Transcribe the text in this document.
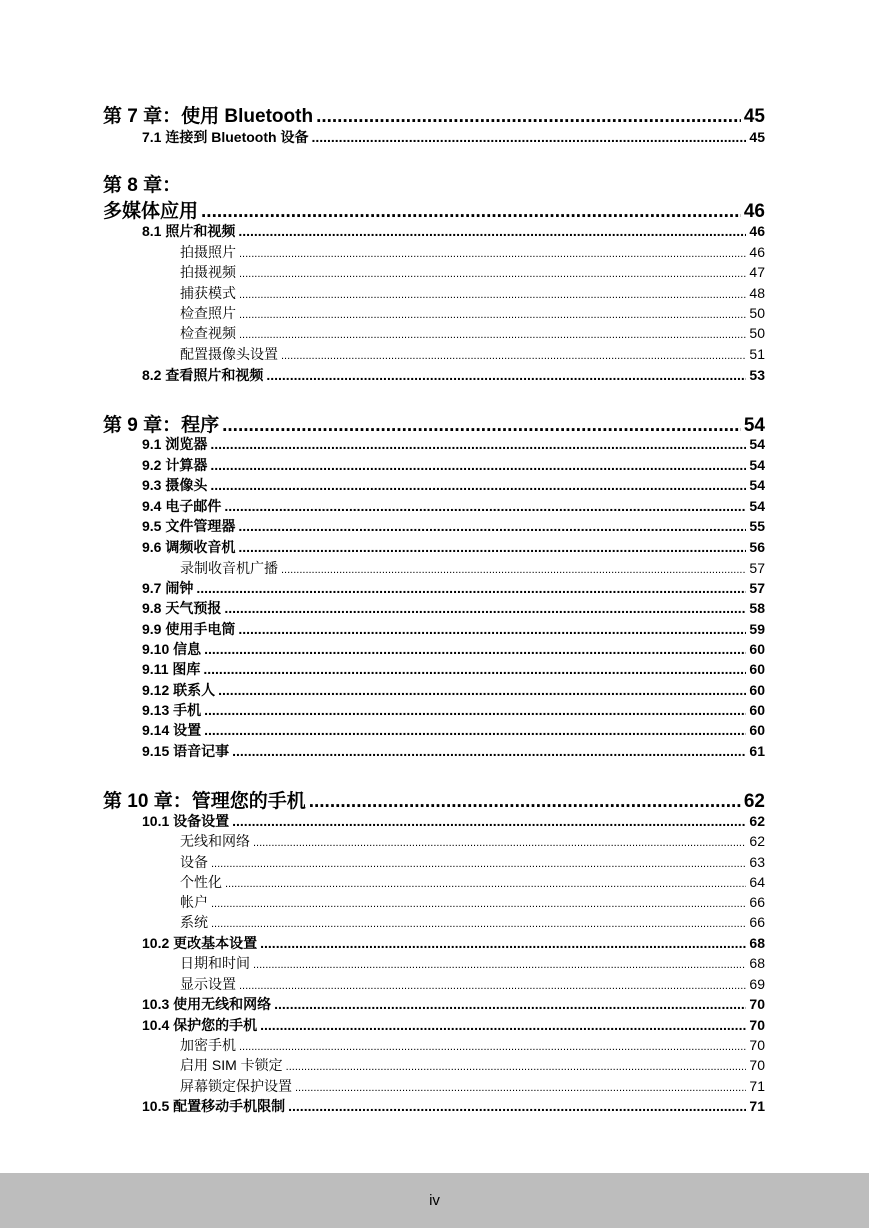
第 7 章：使用 Bluetooth .....	45
7.1 连接到 Bluetooth 设备 .....	45
第 8 章：
多媒体应用 .....	46
8.1 照片和视频 .....	46
拍摄照片 .....	46
拍摄视频 .....	47
捕获模式 .....	48
检查照片 .....	50
检查视频 .....	50
配置摄像头设置 .....	51
8.2 查看照片和视频 .....	53
第 9 章：程序 .....	54
9.1 浏览器 .....	54
9.2 计算器 .....	54
9.3 摄像头 .....	54
9.4 电子邮件 .....	54
9.5 文件管理器 .....	55
9.6 调频收音机 .....	56
录制收音机广播 .....	57
9.7 闹钟 .....	57
9.8 天气预报 .....	58
9.9 使用手电筒 .....	59
9.10 信息 .....	60
9.11 图库 .....	60
9.12 联系人 .....	60
9.13 手机 .....	60
9.14 设置 .....	60
9.15 语音记事 .....	61
第 10 章：管理您的手机 .....	62
10.1 设备设置 .....	62
无线和网络 .....	62
设备 .....	63
个性化 .....	64
帐户 .....	66
系统 .....	66
10.2 更改基本设置 .....	68
日期和时间 .....	68
显示设置 .....	69
10.3 使用无线和网络 .....	70
10.4 保护您的手机 .....	70
加密手机 .....	70
启用 SIM 卡锁定 .....	70
屏幕锁定保护设置 .....	71
10.5 配置移动手机限制 .....	71
iv
